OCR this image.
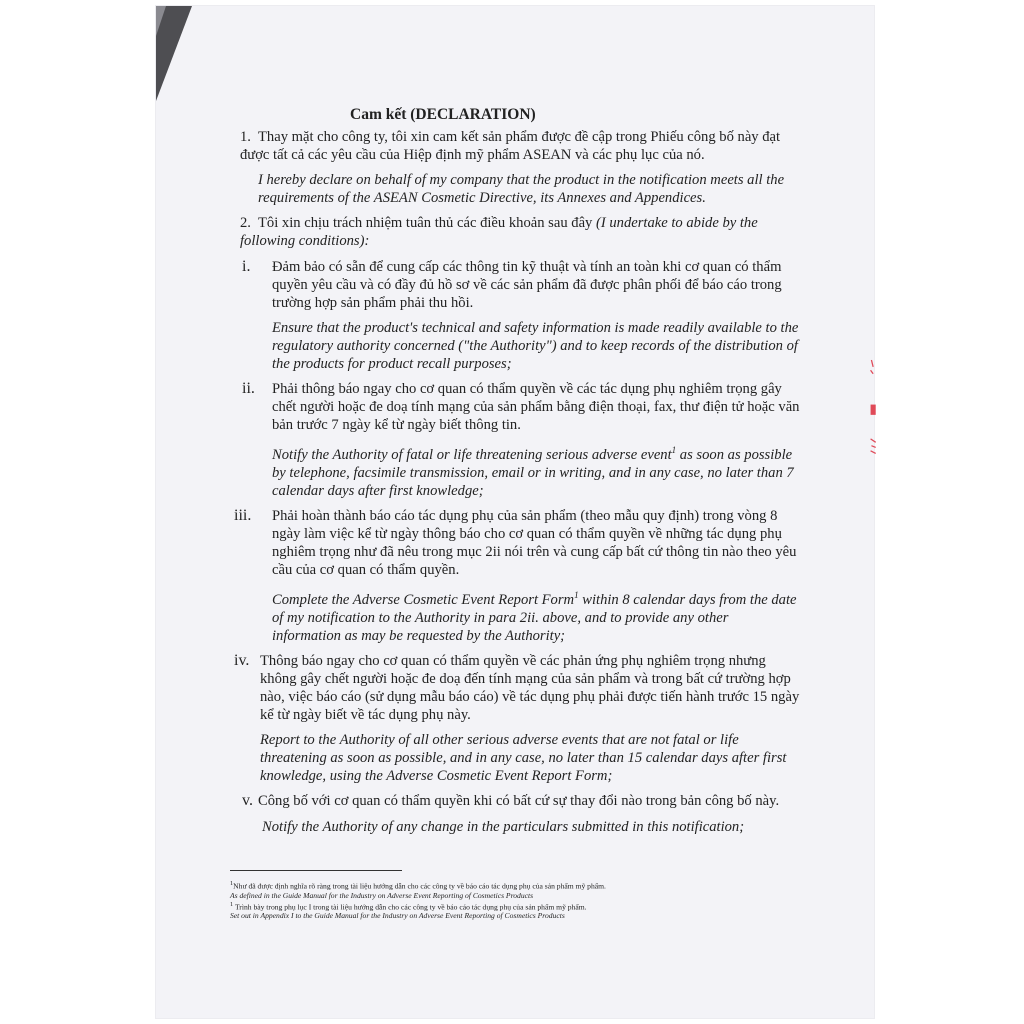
Cam kết (DECLARATION)

1. Thay mặt cho công ty, tôi xin cam kết sản phẩm được đề cập trong Phiếu công bố này đạt được tất cả các yêu cầu của Hiệp định mỹ phẩm ASEAN và các phụ lục của nó.

I hereby declare on behalf of my company that the product in the notification meets all the requirements of the ASEAN Cosmetic Directive, its Annexes and Appendices.

2. Tôi xin chịu trách nhiệm tuân thủ các điều khoản sau đây (I undertake to abide by the following conditions):

i. Đảm bảo có sẵn để cung cấp các thông tin kỹ thuật và tính an toàn khi cơ quan có thẩm quyền yêu cầu và có đầy đủ hồ sơ về các sản phẩm đã được phân phối để báo cáo trong trường hợp sản phẩm phải thu hồi.

Ensure that the product's technical and safety information is made readily available to the regulatory authority concerned ("the Authority") and to keep records of the distribution of the products for product recall purposes;

ii. Phải thông báo ngay cho cơ quan có thẩm quyền về các tác dụng phụ nghiêm trọng gây chết người hoặc đe doạ tính mạng của sản phẩm bằng điện thoại, fax, thư điện tử hoặc văn bản trước 7 ngày kể từ ngày biết thông tin.

Notify the Authority of fatal or life threatening serious adverse event$^1$ as soon as possible by telephone, facsimile transmission, email or in writing, and in any case, no later than 7 calendar days after first knowledge;

iii. Phải hoàn thành báo cáo tác dụng phụ của sản phẩm (theo mẫu quy định) trong vòng 8 ngày làm việc kể từ ngày thông báo cho cơ quan có thẩm quyền về những tác dụng phụ nghiêm trọng như đã nêu trong mục 2ii nói trên và cung cấp bất cứ thông tin nào theo yêu cầu của cơ quan có thẩm quyền.

Complete the Adverse Cosmetic Event Report Form$^1$ within 8 calendar days from the date of my notification to the Authority in para 2ii. above, and to provide any other information as may be requested by the Authority;

iv. Thông báo ngay cho cơ quan có thẩm quyền về các phản ứng phụ nghiêm trọng nhưng không gây chết người hoặc đe doạ đến tính mạng của sản phẩm và trong bất cứ trường hợp nào, việc báo cáo (sử dụng mẫu báo cáo) về tác dụng phụ phải được tiến hành trước 15 ngày kể từ ngày biết về tác dụng phụ này.

Report to the Authority of all other serious adverse events that are not fatal or life threatening as soon as possible, and in any case, no later than 15 calendar days after first knowledge, using the Adverse Cosmetic Event Report Form;

v. Công bố với cơ quan có thẩm quyền khi có bất cứ sự thay đổi nào trong bản công bố này.

Notify the Authority of any change in the particulars submitted in this notification;

$^1$Như đã được định nghĩa rõ ràng trong tài liệu hướng dẫn cho các công ty về báo cáo tác dụng phụ của sản phẩm mỹ phẩm.
As defined in the Guide Manual for the Industry on Adverse Event Reporting of Cosmetics Products
$^1$ Trình bày trong phụ lục I trong tài liệu hướng dẫn cho các công ty về báo cáo tác dụng phụ của sản phẩm mỹ phẩm.
Set out in Appendix I to the Guide Manual for the Industry on Adverse Event Reporting of Cosmetics Products
